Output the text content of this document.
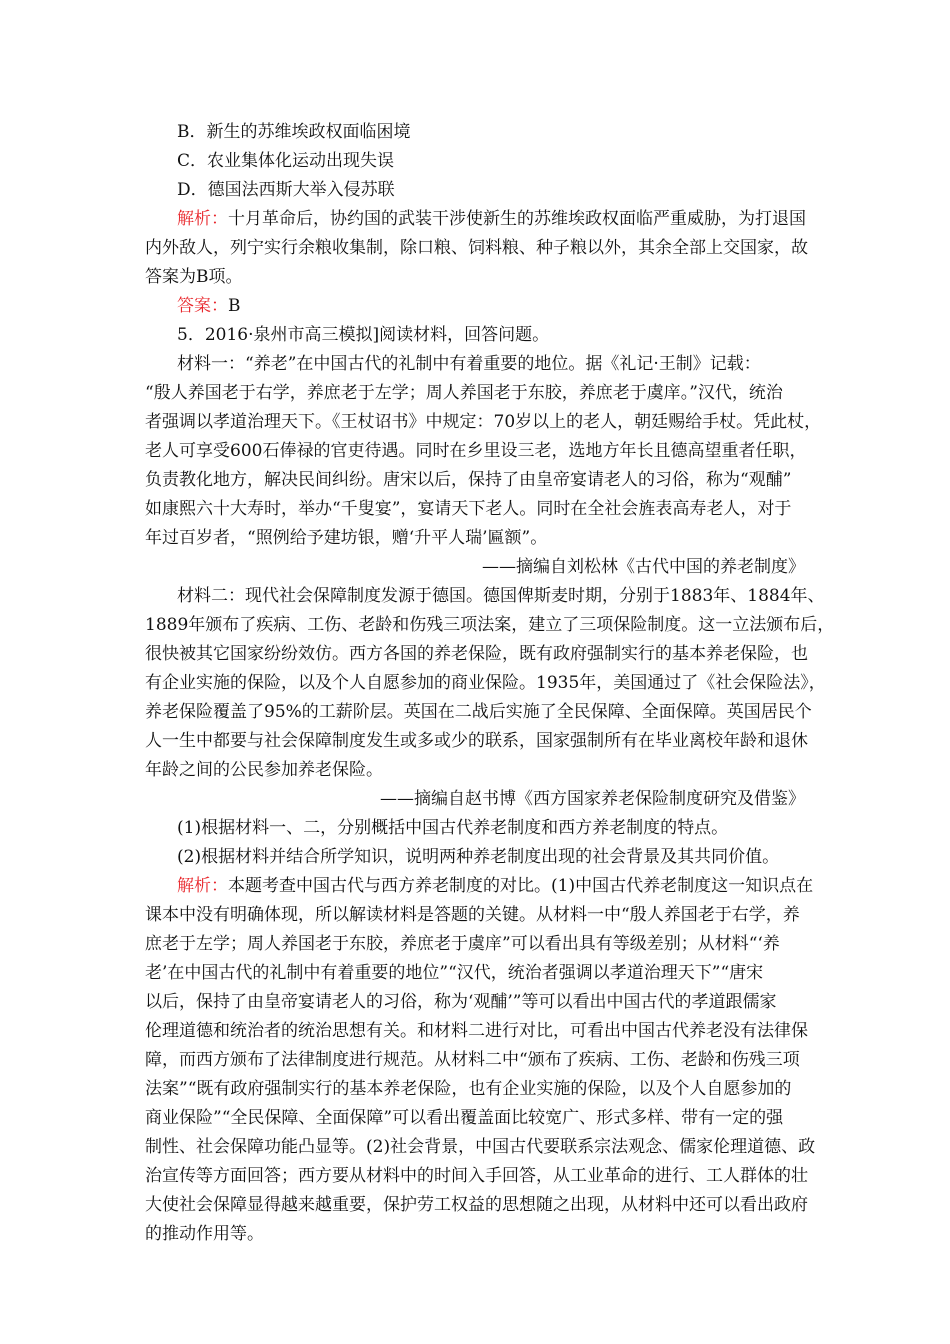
B．新生的苏维埃政权面临困境
C．农业集体化运动出现失误
D．德国法西斯大举入侵苏联
解析：十月革命后，协约国的武装干涉使新生的苏维埃政权面临严重威胁，为打退国
内外敌人，列宁实行余粮收集制，除口粮、饲料粮、种子粮以外，其余全部上交国家，故
答案为B项。
答案：B
5．2016·泉州市高三模拟]阅读材料，回答问题。
材料一：“养老”在中国古代的礼制中有着重要的地位。据《礼记·王制》记载：
“殷人养国老于右学，养庶老于左学；周人养国老于东胶，养庶老于虞庠。”汉代，统治
者强调以孝道治理天下。《王杖诏书》中规定：70岁以上的老人，朝廷赐给手杖。凭此杖，
老人可享受600石俸禄的官吏待遇。同时在乡里设三老，选地方年长且德高望重者任职，
负责教化地方，解决民间纠纷。唐宋以后，保持了由皇帝宴请老人的习俗，称为“观酺”
如康熙六十大寿时，举办“千叟宴”，宴请天下老人。同时在全社会旌表高寿老人，对于
年过百岁者，“照例给予建坊银，赠‘升平人瑞’匾额”。
——摘编自刘松林《古代中国的养老制度》
材料二：现代社会保障制度发源于德国。德国俾斯麦时期，分别于1883年、1884年、
1889年颁布了疾病、工伤、老龄和伤残三项法案，建立了三项保险制度。这一立法颁布后，
很快被其它国家纷纷效仿。西方各国的养老保险，既有政府强制实行的基本养老保险，也
有企业实施的保险，以及个人自愿参加的商业保险。1935年，美国通过了《社会保险法》，
养老保险覆盖了95%的工薪阶层。英国在二战后实施了全民保障、全面保障。英国居民个
人一生中都要与社会保障制度发生或多或少的联系，国家强制所有在毕业离校年龄和退休
年龄之间的公民参加养老保险。
——摘编自赵书博《西方国家养老保险制度研究及借鉴》
(1)根据材料一、二，分别概括中国古代养老制度和西方养老制度的特点。
(2)根据材料并结合所学知识，说明两种养老制度出现的社会背景及其共同价值。
解析：本题考查中国古代与西方养老制度的对比。(1)中国古代养老制度这一知识点在
课本中没有明确体现，所以解读材料是答题的关键。从材料一中“殷人养国老于右学，养
庶老于左学；周人养国老于东胶，养庶老于虞庠”可以看出具有等级差别；从材料“‘养
老’在中国古代的礼制中有着重要的地位”“汉代，统治者强调以孝道治理天下”“唐宋
以后，保持了由皇帝宴请老人的习俗，称为‘观酺’”等可以看出中国古代的孝道跟儒家
伦理道德和统治者的统治思想有关。和材料二进行对比，可看出中国古代养老没有法律保
障，而西方颁布了法律制度进行规范。从材料二中“颁布了疾病、工伤、老龄和伤残三项
法案”“既有政府强制实行的基本养老保险，也有企业实施的保险，以及个人自愿参加的
商业保险”“全民保障、全面保障”可以看出覆盖面比较宽广、形式多样、带有一定的强
制性、社会保障功能凸显等。(2)社会背景，中国古代要联系宗法观念、儒家伦理道德、政
治宣传等方面回答；西方要从材料中的时间入手回答，从工业革命的进行、工人群体的壮
大使社会保障显得越来越重要，保护劳工权益的思想随之出现，从材料中还可以看出政府
的推动作用等。
